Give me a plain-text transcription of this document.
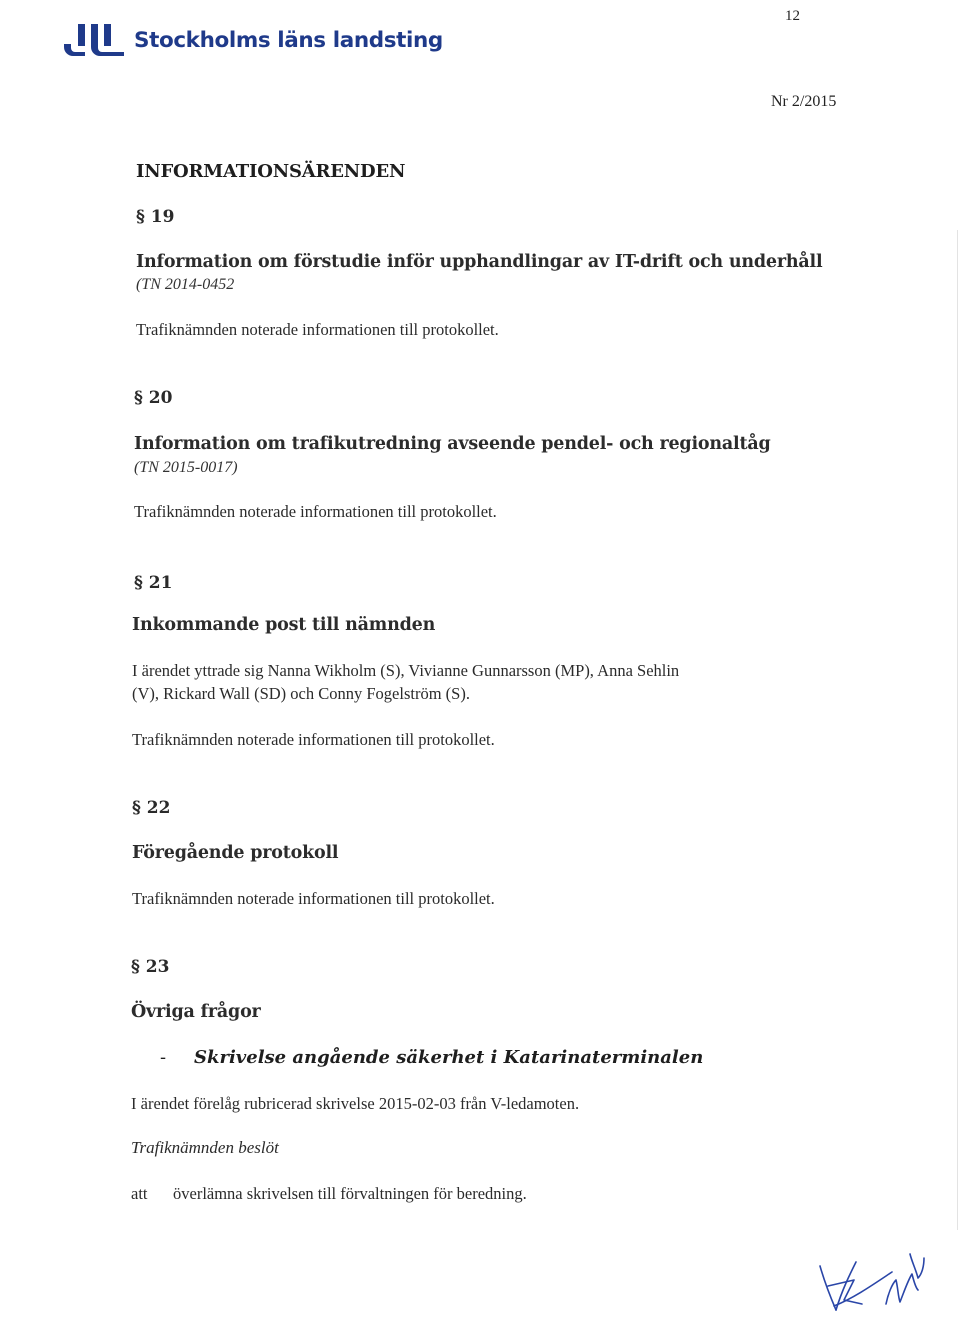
Stockholms läns landsting
12
Nr 2/2015
INFORMATIONSÄRENDEN
§ 19
Information om förstudie inför upphandlingar av IT-drift och underhåll
(TN 2014-0452
Trafiknämnden noterade informationen till protokollet.
§ 20
Information om trafikutredning avseende pendel- och regionaltåg
(TN 2015-0017)
Trafiknämnden noterade informationen till protokollet.
§ 21
Inkommande post till nämnden
I ärendet yttrade sig Nanna Wikholm (S), Vivianne Gunnarsson (MP), Anna Sehlin
(V), Rickard Wall (SD) och Conny Fogelström (S).
Trafiknämnden noterade informationen till protokollet.
§ 22
Föregående protokoll
Trafiknämnden noterade informationen till protokollet.
§ 23
Övriga frågor
- Skrivelse angående säkerhet i Katarinaterminalen
I ärendet förelåg rubricerad skrivelse 2015-02-03 från V-ledamoten.
Trafiknämnden beslöt
att överlämna skrivelsen till förvaltningen för beredning.
